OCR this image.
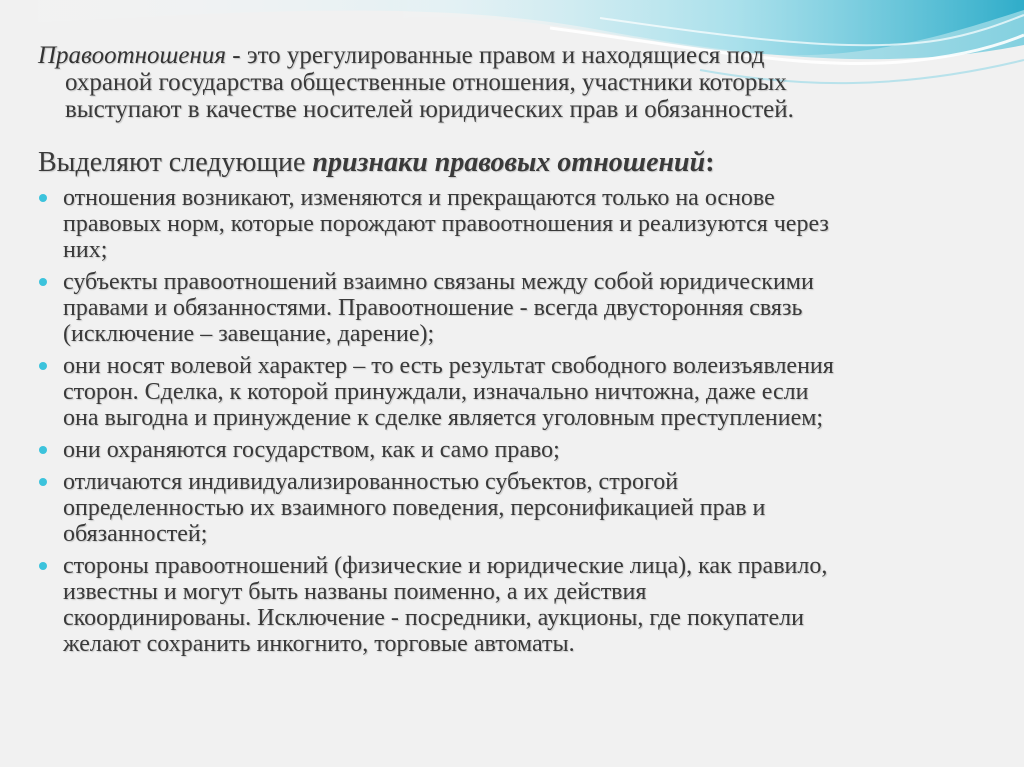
Правоотношения - это урегулированные правом и находящиеся под
охраной государства общественные отношения, участники которых
выступают в качестве носителей юридических прав и обязанностей.

Выделяют следующие признаки правовых отношений:

отношения возникают, изменяются и прекращаются только на основе
правовых норм, которые порождают правоотношения и реализуются через
них;
субъекты правоотношений взаимно связаны между собой юридическими
правами и обязанностями. Правоотношение - всегда двусторонняя связь
(исключение – завещание, дарение);
они носят волевой характер – то есть результат свободного волеизъявления
сторон. Сделка, к которой принуждали, изначально ничтожна, даже если
она выгодна и принуждение к сделке является уголовным преступлением;
они охраняются государством, как и само право;
отличаются индивидуализированностью субъектов, строгой
определенностью их взаимного поведения, персонификацией прав и
обязанностей;
стороны правоотношений (физические и юридические лица), как правило,
известны и могут быть названы поименно, а их действия
скоординированы. Исключение - посредники, аукционы, где покупатели
желают сохранить инкогнито, торговые автоматы.
